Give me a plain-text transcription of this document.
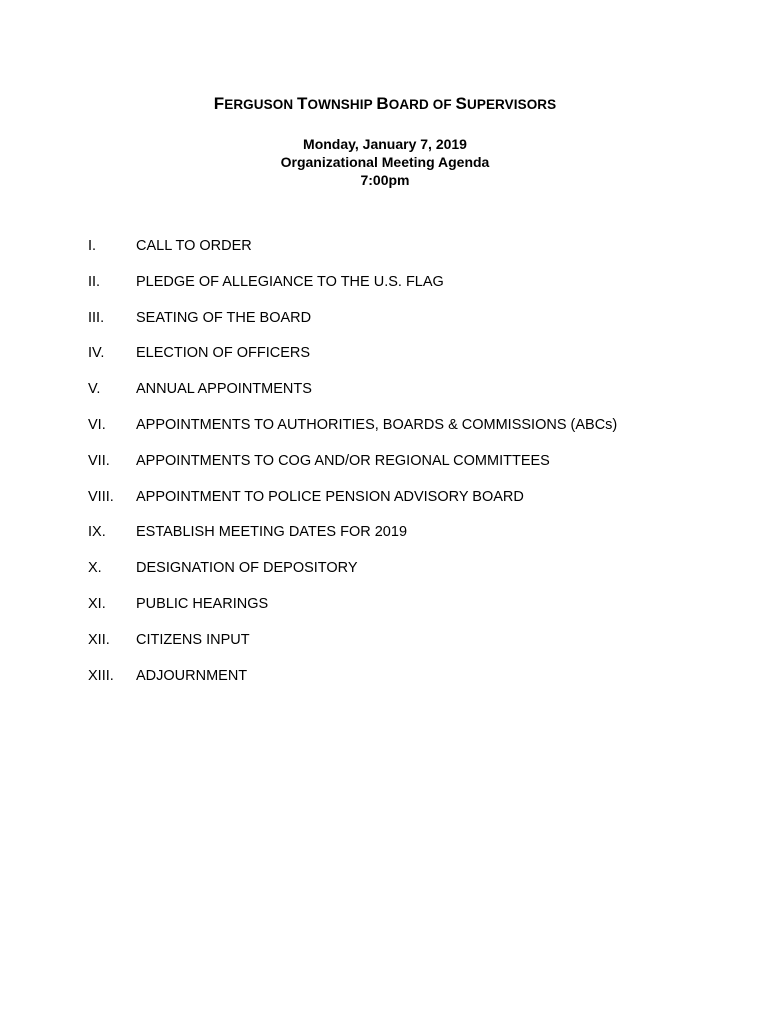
FERGUSON TOWNSHIP BOARD OF SUPERVISORS
Monday, January 7, 2019
Organizational Meeting Agenda
7:00pm
I.	CALL TO ORDER
II.	PLEDGE OF ALLEGIANCE TO THE U.S. FLAG
III.	SEATING OF THE BOARD
IV.	ELECTION OF OFFICERS
V.	ANNUAL APPOINTMENTS
VI.	APPOINTMENTS TO AUTHORITIES, BOARDS & COMMISSIONS (ABCs)
VII.	APPOINTMENTS TO COG AND/OR REGIONAL COMMITTEES
VIII.	APPOINTMENT TO POLICE PENSION ADVISORY BOARD
IX.	ESTABLISH MEETING DATES FOR 2019
X.	DESIGNATION OF DEPOSITORY
XI.	PUBLIC HEARINGS
XII.	CITIZENS INPUT
XIII.	ADJOURNMENT
